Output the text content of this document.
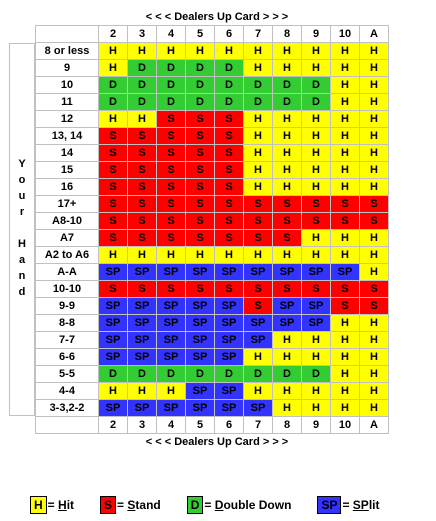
< < < Dealers Up Card > > >
Y
o
u
r
H
a
n
d
	2	3	4	5	6	7	8	9	10	A
8 or less	H	H	H	H	H	H	H	H	H	H
9	H	D	D	D	D	H	H	H	H	H
10	D	D	D	D	D	D	D	D	H	H
11	D	D	D	D	D	D	D	D	H	H
12	H	H	S	S	S	H	H	H	H	H
13, 14	S	S	S	S	S	H	H	H	H	H
14	S	S	S	S	S	H	H	H	H	H
15	S	S	S	S	S	H	H	H	H	H
16	S	S	S	S	S	H	H	H	H	H
17+	S	S	S	S	S	S	S	S	S	S
A8-10	S	S	S	S	S	S	S	S	S	S
A7	S	S	S	S	S	S	S	H	H	H
A2 to A6	H	H	H	H	H	H	H	H	H	H
A-A	SP	SP	SP	SP	SP	SP	SP	SP	SP	H
10-10	S	S	S	S	S	S	S	S	S	S
9-9	SP	SP	SP	SP	SP	S	SP	SP	S	S
8-8	SP	SP	SP	SP	SP	SP	SP	SP	H	H
7-7	SP	SP	SP	SP	SP	SP	H	H	H	H
6-6	SP	SP	SP	SP	SP	H	H	H	H	H
5-5	D	D	D	D	D	D	D	D	H	H
4-4	H	H	H	SP	SP	H	H	H	H	H
3-3,2-2	SP	SP	SP	SP	SP	SP	H	H	H	H
	2	3	4	5	6	7	8	9	10	A
< < < Dealers Up Card > > >
H = H it	S = S tand	D = D ouble Down	SP = SP lit
